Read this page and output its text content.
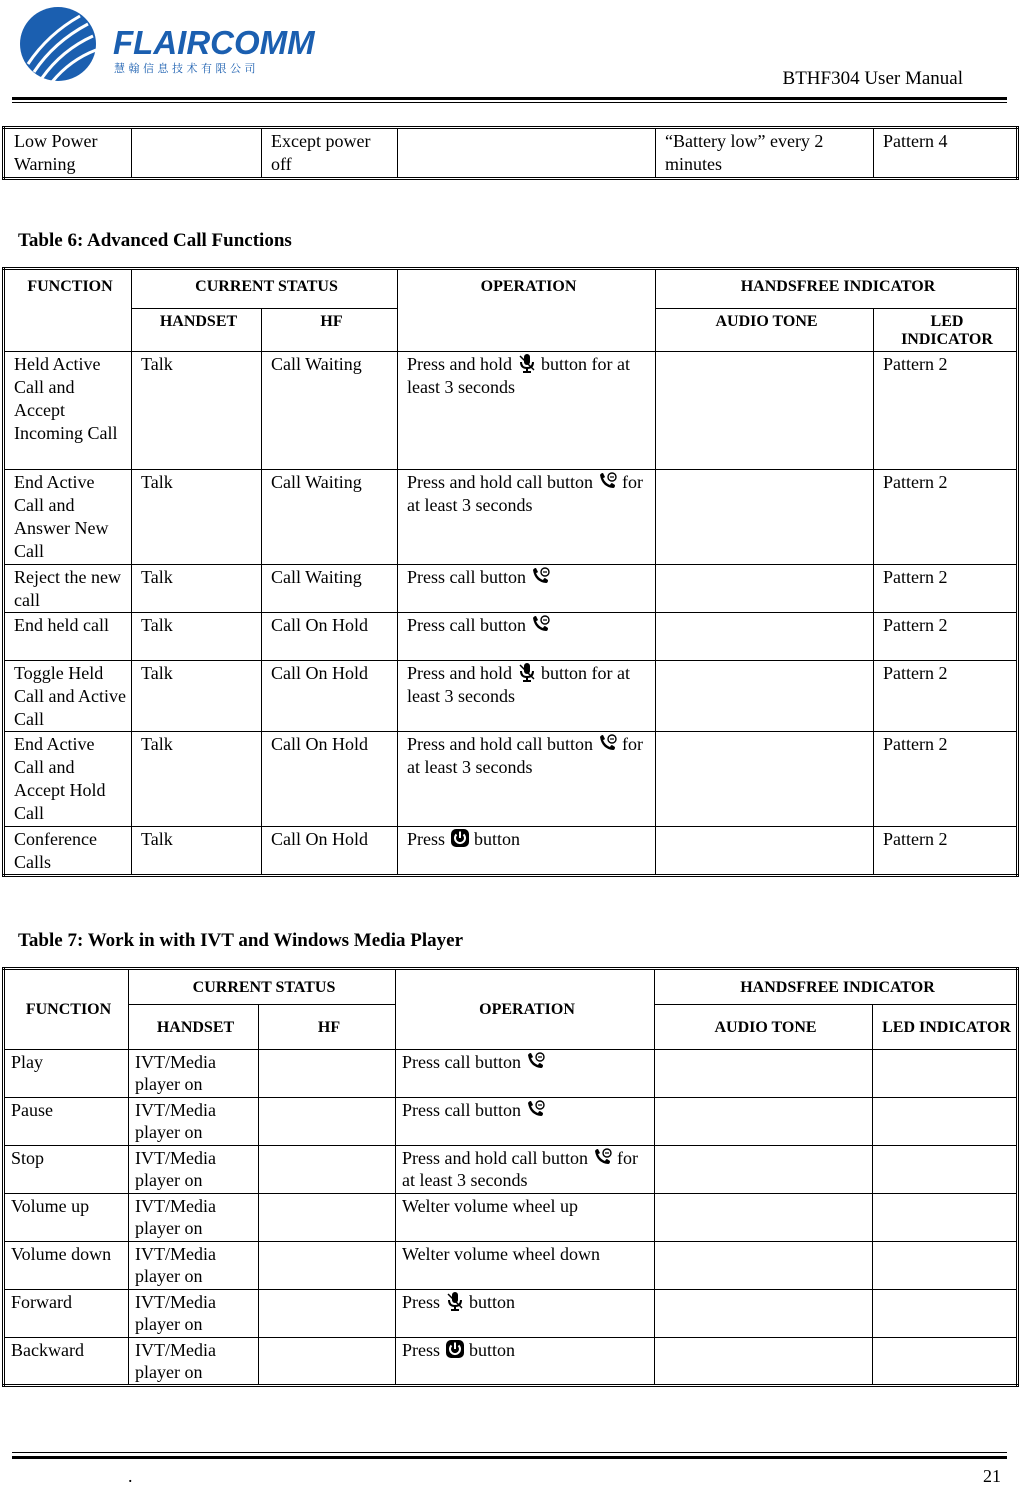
FLAIRCOMM
慧 翰 信 息 技 术 有 限 公 司	BTHF304 User Manual
Low Power Warning		Except power off		“Battery low” every 2 minutes	Pattern 4
Table 6: Advanced Call Functions
FUNCTION	CURRENT STATUS		OPERATION	HANDSFREE INDICATOR	
	HANDSET	HF		AUDIO TONE	LED INDICATOR
Held Active Call and Accept Incoming Call	Talk	Call Waiting	Press and hold button for at least 3 seconds		Pattern 2
End Active Call and Answer New Call	Talk	Call Waiting	Press and hold call button for at least 3 seconds		Pattern 2
Reject the new call	Talk	Call Waiting	Press call button		Pattern 2
End held call	Talk	Call On Hold	Press call button		Pattern 2
Toggle Held Call and Active Call	Talk	Call On Hold	Press and hold button for at least 3 seconds		Pattern 2
End Active Call and Accept Hold Call	Talk	Call On Hold	Press and hold call button for at least 3 seconds		Pattern 2
Conference Calls	Talk	Call On Hold	Press button		Pattern 2
Table 7: Work in with IVT and Windows Media Player
FUNCTION	CURRENT STATUS		OPERATION	HANDSFREE INDICATOR	
	HANDSET	HF		AUDIO TONE	LED INDICATOR
Play	IVT/Media player on		Press call button

Pause	IVT/Media player on		Press call button

Stop	IVT/Media player on		Press and hold call button for at least 3 seconds		
Volume up	IVT/Media player on		Welter volume wheel up		
Volume down	IVT/Media player on		Welter volume wheel down		
Forward	IVT/Media player on		Press button		
Backward	IVT/Media player on		Press button		
.	21
